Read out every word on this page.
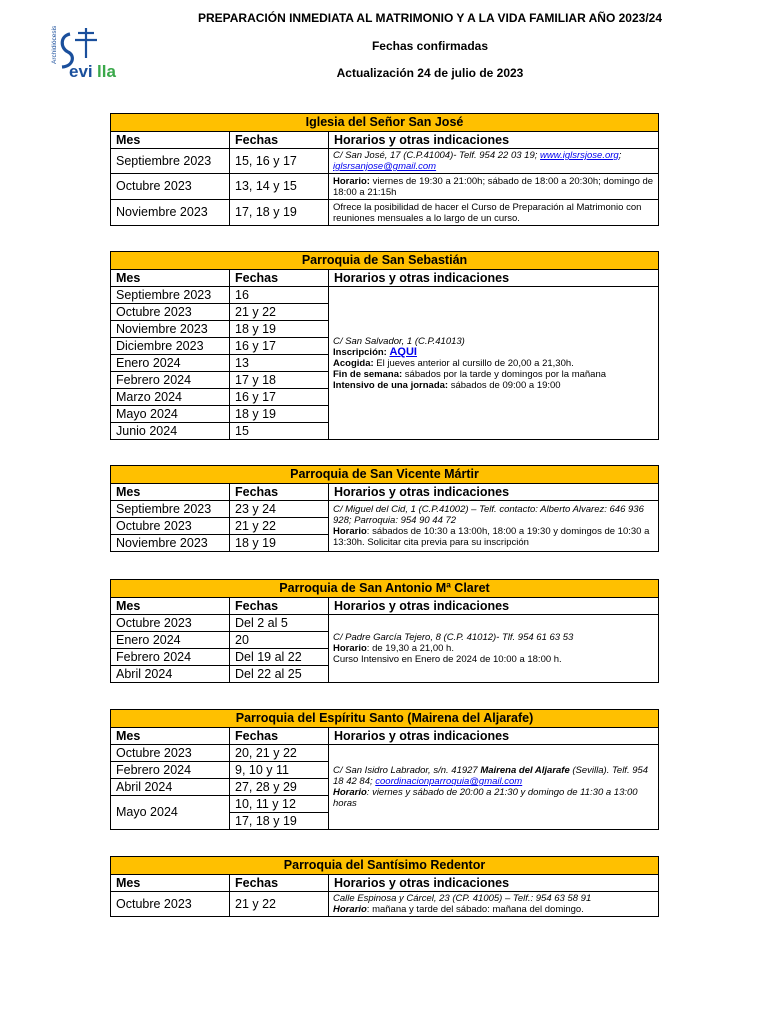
Archidiócesis
evi lla
PREPARACIÓN INMEDIATA AL MATRIMONIO Y A LA VIDA FAMILIAR AÑO 2023/24
Fechas confirmadas
Actualización 24 de julio de 2023
Iglesia del Señor San José		
Mes	Fechas	Horarios y otras indicaciones
Septiembre 2023	15, 16 y 17	C/ San José, 17 (C.P.41004)- Telf. 954 22 03 19; www.iglsrsjose.org; iglsrsanjose@gmail.com
Octubre 2023	13, 14 y 15	Horario: viernes de 19:30 a 21:00h; sábado de 18:00 a 20:30h; domingo de 18:00 a 21:15h
Noviembre 2023	17, 18 y 19	Ofrece la posibilidad de hacer el Curso de Preparación al Matrimonio con reuniones mensuales a lo largo de un curso.
Parroquia de San Sebastián		
Mes	Fechas	Horarios y otras indicaciones
Septiembre 2023	16	C/ San Salvador, 1 (C.P.41013)
Inscripción: AQUI
Acogida: El jueves anterior al cursillo de 20,00 a 21,30h.
Fin de semana: sábados por la tarde y domingos por la mañana
Intensivo de una jornada: sábados de 09:00 a 19:00

Octubre 2023	21 y 22	
Noviembre 2023	18 y 19	
Diciembre 2023	16 y 17	
Enero 2024	13	
Febrero 2024	17 y 18	
Marzo 2024	16 y 17	
Mayo 2024	18 y 19	
Junio 2024	15	
Parroquia de San Vicente Mártir		
Mes	Fechas	Horarios y otras indicaciones
Septiembre 2023	23 y 24	C/ Miguel del Cid, 1 (C.P.41002) – Telf. contacto: Alberto Alvarez: 646 936 928; Parroquia: 954 90 44 72
Horario: sábados de 10:30 a 13:00h, 18:00 a 19:30 y domingos de 10:30 a 13:30h. Solicitar cita previa para su inscripción

Octubre 2023	21 y 22	
Noviembre 2023	18 y 19	
Parroquia de San Antonio Mª Claret		
Mes	Fechas	Horarios y otras indicaciones
Octubre 2023	Del 2 al 5	C/ Padre García Tejero, 8 (C.P. 41012)- Tlf. 954 61 63 53
Horario: de 19,30 a 21,00 h.
Curso Intensivo en Enero de 2024 de 10:00 a 18:00 h.

Enero 2024	20	
Febrero 2024	Del 19 al 22	
Abril 2024	Del 22 al 25	
Parroquia del Espíritu Santo (Mairena del Aljarafe)		
Mes	Fechas	Horarios y otras indicaciones
Octubre 2023	20, 21 y 22	C/ San Isidro Labrador, s/n. 41927 Mairena del Aljarafe (Sevilla). Telf. 954 18 42 84; coordinacionparroquia@gmail.com
Horario: viernes y sábado de 20:00 a 21:30 y domingo de 11:30 a 13:00 horas

Febrero 2024	9, 10 y 11	
Abril 2024	27, 28 y 29	
Mayo 2024	10, 11 y 12	
	17, 18 y 19	
Parroquia del Santísimo Redentor		
Mes	Fechas	Horarios y otras indicaciones
Octubre 2023	21 y 22	Calle Espinosa y Cárcel, 23 (CP. 41005) – Telf.: 954 63 58 91
Horario: mañana y tarde del sábado: mañana del domingo.
